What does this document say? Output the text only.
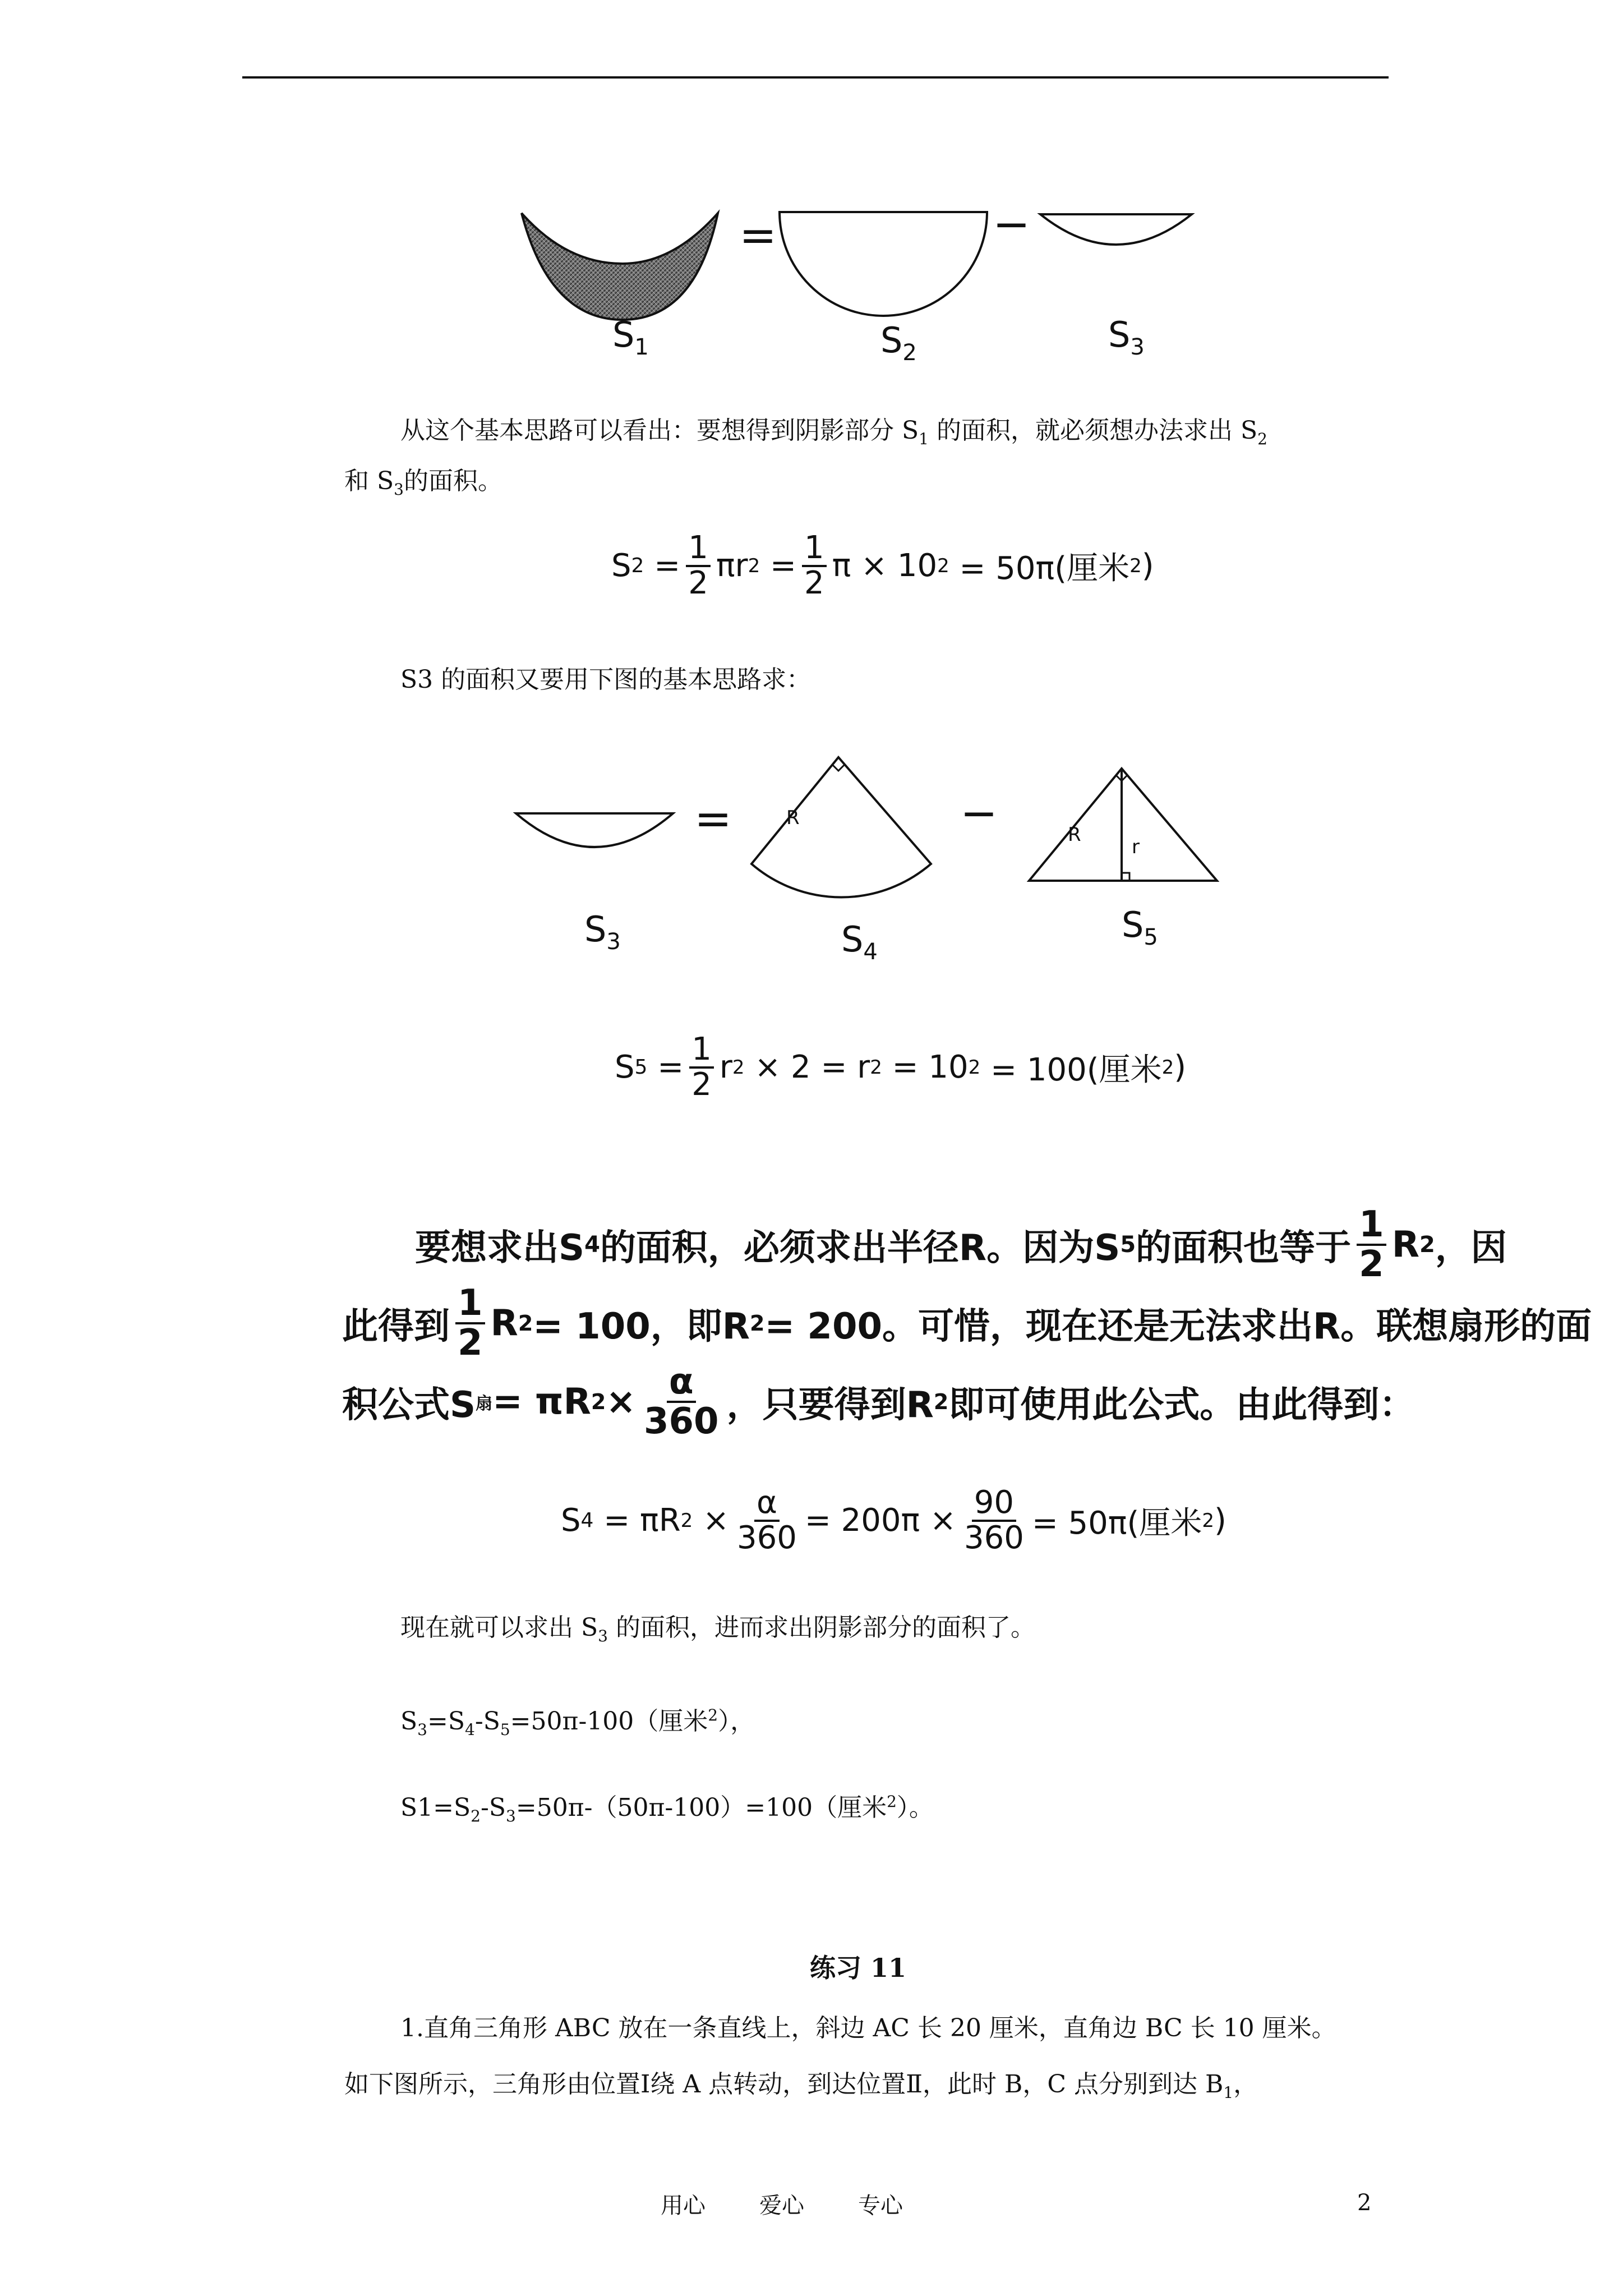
=	−
$S_1$	$S_2$	$S_3$
从这个基本思路可以看出：要想得到阴影部分 $S_1$ 的面积，就必须想办法求出 $S_2$
和 $S_3$的面积。
S 2
= $\frac{1}{2}$ πr 2
= $\frac{1}{2}$ π × 10 2
= 50π(厘米 2 )
S3 的面积又要用下图的基本思路求：
=	−
R
R
r
$S_3$	$S_4$
$S_5$
S 5
= $\frac{1}{2}$ r 2
× 2 = r 2
= 10 2
= 100(厘米 2 )
要想求出S 4 的面积，必须求出半径R。因为S 5 的面积也等于 $\frac{1}{2}$ R 2 ，因
此得到 $\frac{1}{2}$ R 2 = 100，即R 2 = 200。可惜，现在还是无法求出R。联想扇形的面
积公式S 扇 = πR $2 \times \frac{\alpha}{360}$ ，只要得到R 2 即可使用此公式。由此得到：
S 4
= πR 2
× $\frac{\alpha}{360} = 200\pi \times \frac{90}{360} = 50\pi$(厘米 2 )
现在就可以求出 $S_3$ 的面积，进而求出阴影部分的面积了。
$S_3=S_4-S_5=50\pi-100$（厘米$^2$），
$S1=S_2-S_3=50\pi-(50\pi-100)=100$（厘米$^2$）。
练习 11
1.直角三角形 ABC 放在一条直线上，斜边 AC 长 20 厘米，直角边 BC 长 10 厘米。
如下图所示，三角形由位置Ⅰ绕 A 点转动，到达位置Ⅱ，此时 B，C 点分别到达 $B_1$，
用心 爱心 专心	2
